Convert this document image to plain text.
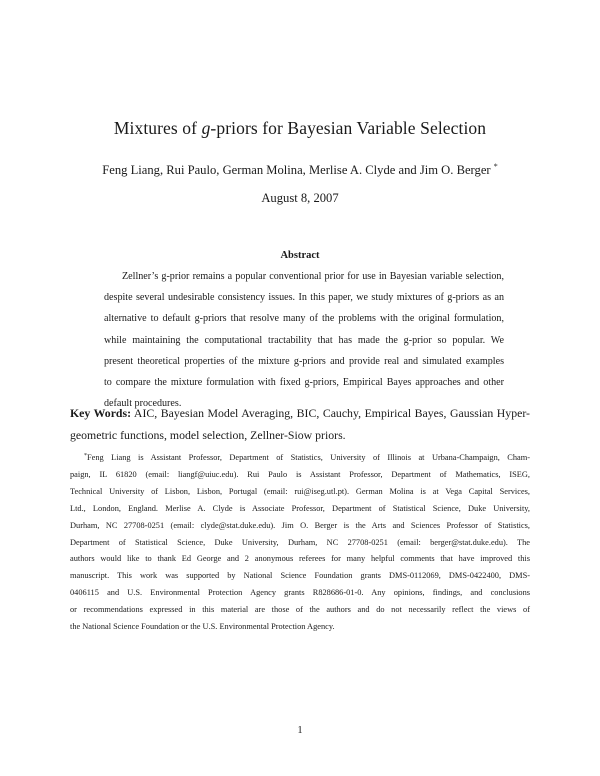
Mixtures of g-priors for Bayesian Variable Selection
Feng Liang, Rui Paulo, German Molina, Merlise A. Clyde and Jim O. Berger *
August 8, 2007
Abstract
Zellner’s g-prior remains a popular conventional prior for use in Bayesian variable selection,
despite several undesirable consistency issues. In this paper, we study mixtures of g-priors as an
alternative to default g-priors that resolve many of the problems with the original formulation,
while maintaining the computational tractability that has made the g-prior so popular. We
present theoretical properties of the mixture g-priors and provide real and simulated examples
to compare the mixture formulation with fixed g-priors, Empirical Bayes approaches and other
default procedures.
Key Words: AIC, Bayesian Model Averaging, BIC, Cauchy, Empirical Bayes, Gaussian Hyper-
geometric functions, model selection, Zellner-Siow priors.
*Feng Liang is Assistant Professor, Department of Statistics, University of Illinois at Urbana-Champaign, Cham-
paign, IL 61820 (email: liangf@uiuc.edu). Rui Paulo is Assistant Professor, Department of Mathematics, ISEG,
Technical University of Lisbon, Lisbon, Portugal (email: rui@iseg.utl.pt). German Molina is at Vega Capital Services,
Ltd., London, England. Merlise A. Clyde is Associate Professor, Department of Statistical Science, Duke University,
Durham, NC 27708-0251 (email: clyde@stat.duke.edu). Jim O. Berger is the Arts and Sciences Professor of Statistics,
Department of Statistical Science, Duke University, Durham, NC 27708-0251 (email: berger@stat.duke.edu). The
authors would like to thank Ed George and 2 anonymous referees for many helpful comments that have improved this
manuscript. This work was supported by National Science Foundation grants DMS-0112069, DMS-0422400, DMS-
0406115 and U.S. Environmental Protection Agency grants R828686-01-0. Any opinions, findings, and conclusions
or recommendations expressed in this material are those of the authors and do not necessarily reflect the views of
the National Science Foundation or the U.S. Environmental Protection Agency.
1
